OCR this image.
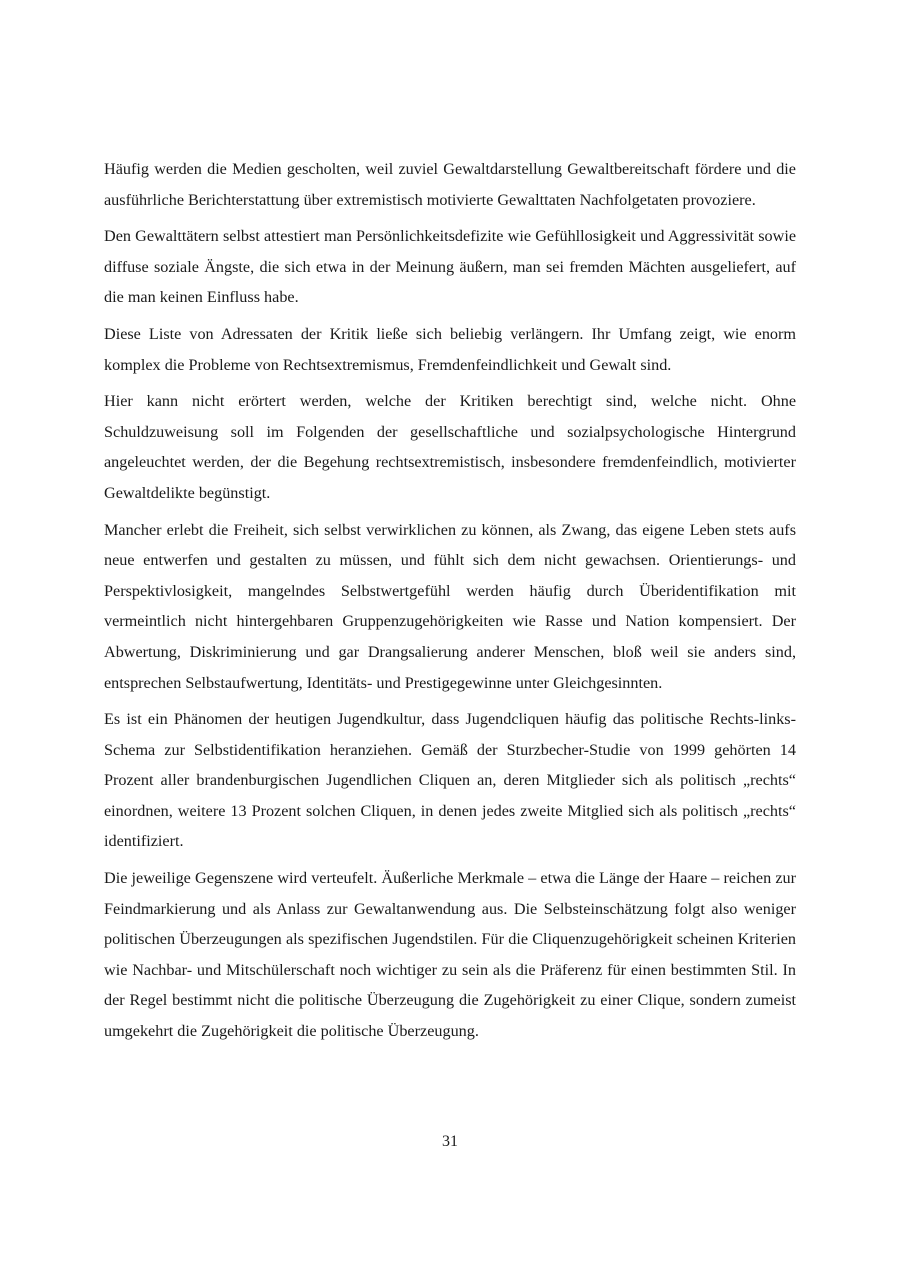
Häufig werden die Medien gescholten, weil zuviel Gewaltdarstellung Gewaltbereitschaft fördere und die ausführliche Berichterstattung über extremistisch motivierte Gewalttaten Nachfolgetaten provoziere.

Den Gewalttätern selbst attestiert man Persönlichkeitsdefizite wie Gefühllosigkeit und Aggressivität sowie diffuse soziale Ängste, die sich etwa in der Meinung äußern, man sei fremden Mächten ausgeliefert, auf die man keinen Einfluss habe.

Diese Liste von Adressaten der Kritik ließe sich beliebig verlängern. Ihr Umfang zeigt, wie enorm komplex die Probleme von Rechtsextremismus, Fremdenfeindlichkeit und Gewalt sind.

Hier kann nicht erörtert werden, welche der Kritiken berechtigt sind, welche nicht. Ohne Schuldzuweisung soll im Folgenden der gesellschaftliche und sozialpsychologische Hintergrund angeleuchtet werden, der die Begehung rechtsextremistisch, insbesondere fremdenfeindlich, motivierter Gewaltdelikte begünstigt.

Mancher erlebt die Freiheit, sich selbst verwirklichen zu können, als Zwang, das eigene Leben stets aufs neue entwerfen und gestalten zu müssen, und fühlt sich dem nicht gewachsen. Orientierungs- und Perspektivlosigkeit, mangelndes Selbstwertgefühl werden häufig durch Überidentifikation mit vermeintlich nicht hintergehbaren Gruppenzugehörigkeiten wie Rasse und Nation kompensiert. Der Abwertung, Diskriminierung und gar Drangsalierung anderer Menschen, bloß weil sie anders sind, entsprechen Selbstaufwertung, Identitäts- und Prestigegewinne unter Gleichgesinnten.

Es ist ein Phänomen der heutigen Jugendkultur, dass Jugendcliquen häufig das politische Rechts-links-Schema zur Selbstidentifikation heranziehen. Gemäß der Sturzbecher-Studie von 1999 gehörten 14 Prozent aller brandenburgischen Jugendlichen Cliquen an, deren Mitglieder sich als politisch „rechts“ einordnen, weitere 13 Prozent solchen Cliquen, in denen jedes zweite Mitglied sich als politisch „rechts“ identifiziert.

Die jeweilige Gegenszene wird verteufelt. Äußerliche Merkmale – etwa die Länge der Haare – reichen zur Feindmarkierung und als Anlass zur Gewaltanwendung aus. Die Selbsteinschätzung folgt also weniger politischen Überzeugungen als spezifischen Jugendstilen. Für die Cliquenzugehörigkeit scheinen Kriterien wie Nachbar- und Mitschülerschaft noch wichtiger zu sein als die Präferenz für einen bestimmten Stil. In der Regel bestimmt nicht die politische Überzeugung die Zugehörigkeit zu einer Clique, sondern zumeist umgekehrt die Zugehörigkeit die politische Überzeugung.

31
